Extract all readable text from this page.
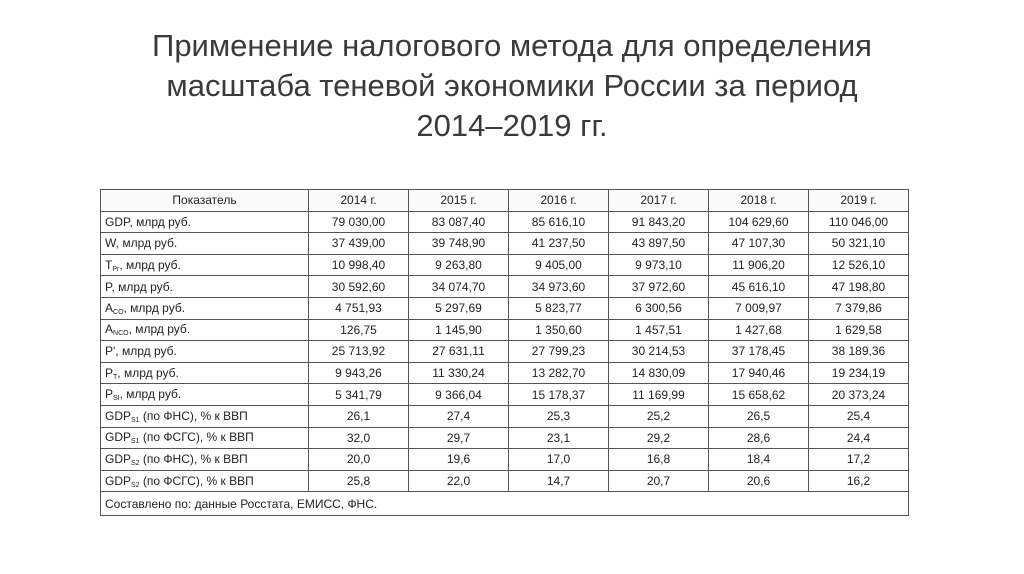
Применение налогового метода для определения
масштаба теневой экономики России за период
2014–2019 гг.
Показатель	2014 г.	2015 г.	2016 г.	2017 г.	2018 г.	2019 г.
GDP, млрд руб.	79 030,00	83 087,40	85 616,10	91 843,20	104 629,60	110 046,00
W, млрд руб.	37 439,00	39 748,90	41 237,50	43 897,50	47 107,30	50 321,10
$T_{Pr}$, млрд руб.	10 998,40	9 263,80	9 405,00	9 973,10	11 906,20	12 526,10
P, млрд руб.	30 592,60	34 074,70	34 973,60	37 972,60	45 616,10	47 198,80
$A_{CO}$, млрд руб.	4 751,93	5 297,69	5 823,77	6 300,56	7 009,97	7 379,86
$A_{NCO}$, млрд руб.	126,75	1 145,90	1 350,60	1 457,51	1 427,68	1 629,58
P', млрд руб.	25 713,92	27 631,11	27 799,23	30 214,53	37 178,45	38 189,36
$P_T$, млрд руб.	9 943,26	11 330,24	13 282,70	14 830,09	17 940,46	19 234,19
$P_{SI}$, млрд руб.	5 341,79	9 366,04	15 178,37	11 169,99	15 658,62	20 373,24
$GDP_{S1}$ (по ФНС), % к ВВП	26,1	27,4	25,3	25,2	26,5	25,4
$GDP_{S1}$ (по ФСГС), % к ВВП	32,0	29,7	23,1	29,2	28,6	24,4
$GDP_{S2}$ (по ФНС), % к ВВП	20,0	19,6	17,0	16,8	18,4	17,2
$GDP_{S2}$ (по ФСГС), % к ВВП	25,8	22,0	14,7	20,7	20,6	16,2
Составлено по: данные Росстата, ЕМИСС, ФНС.						
